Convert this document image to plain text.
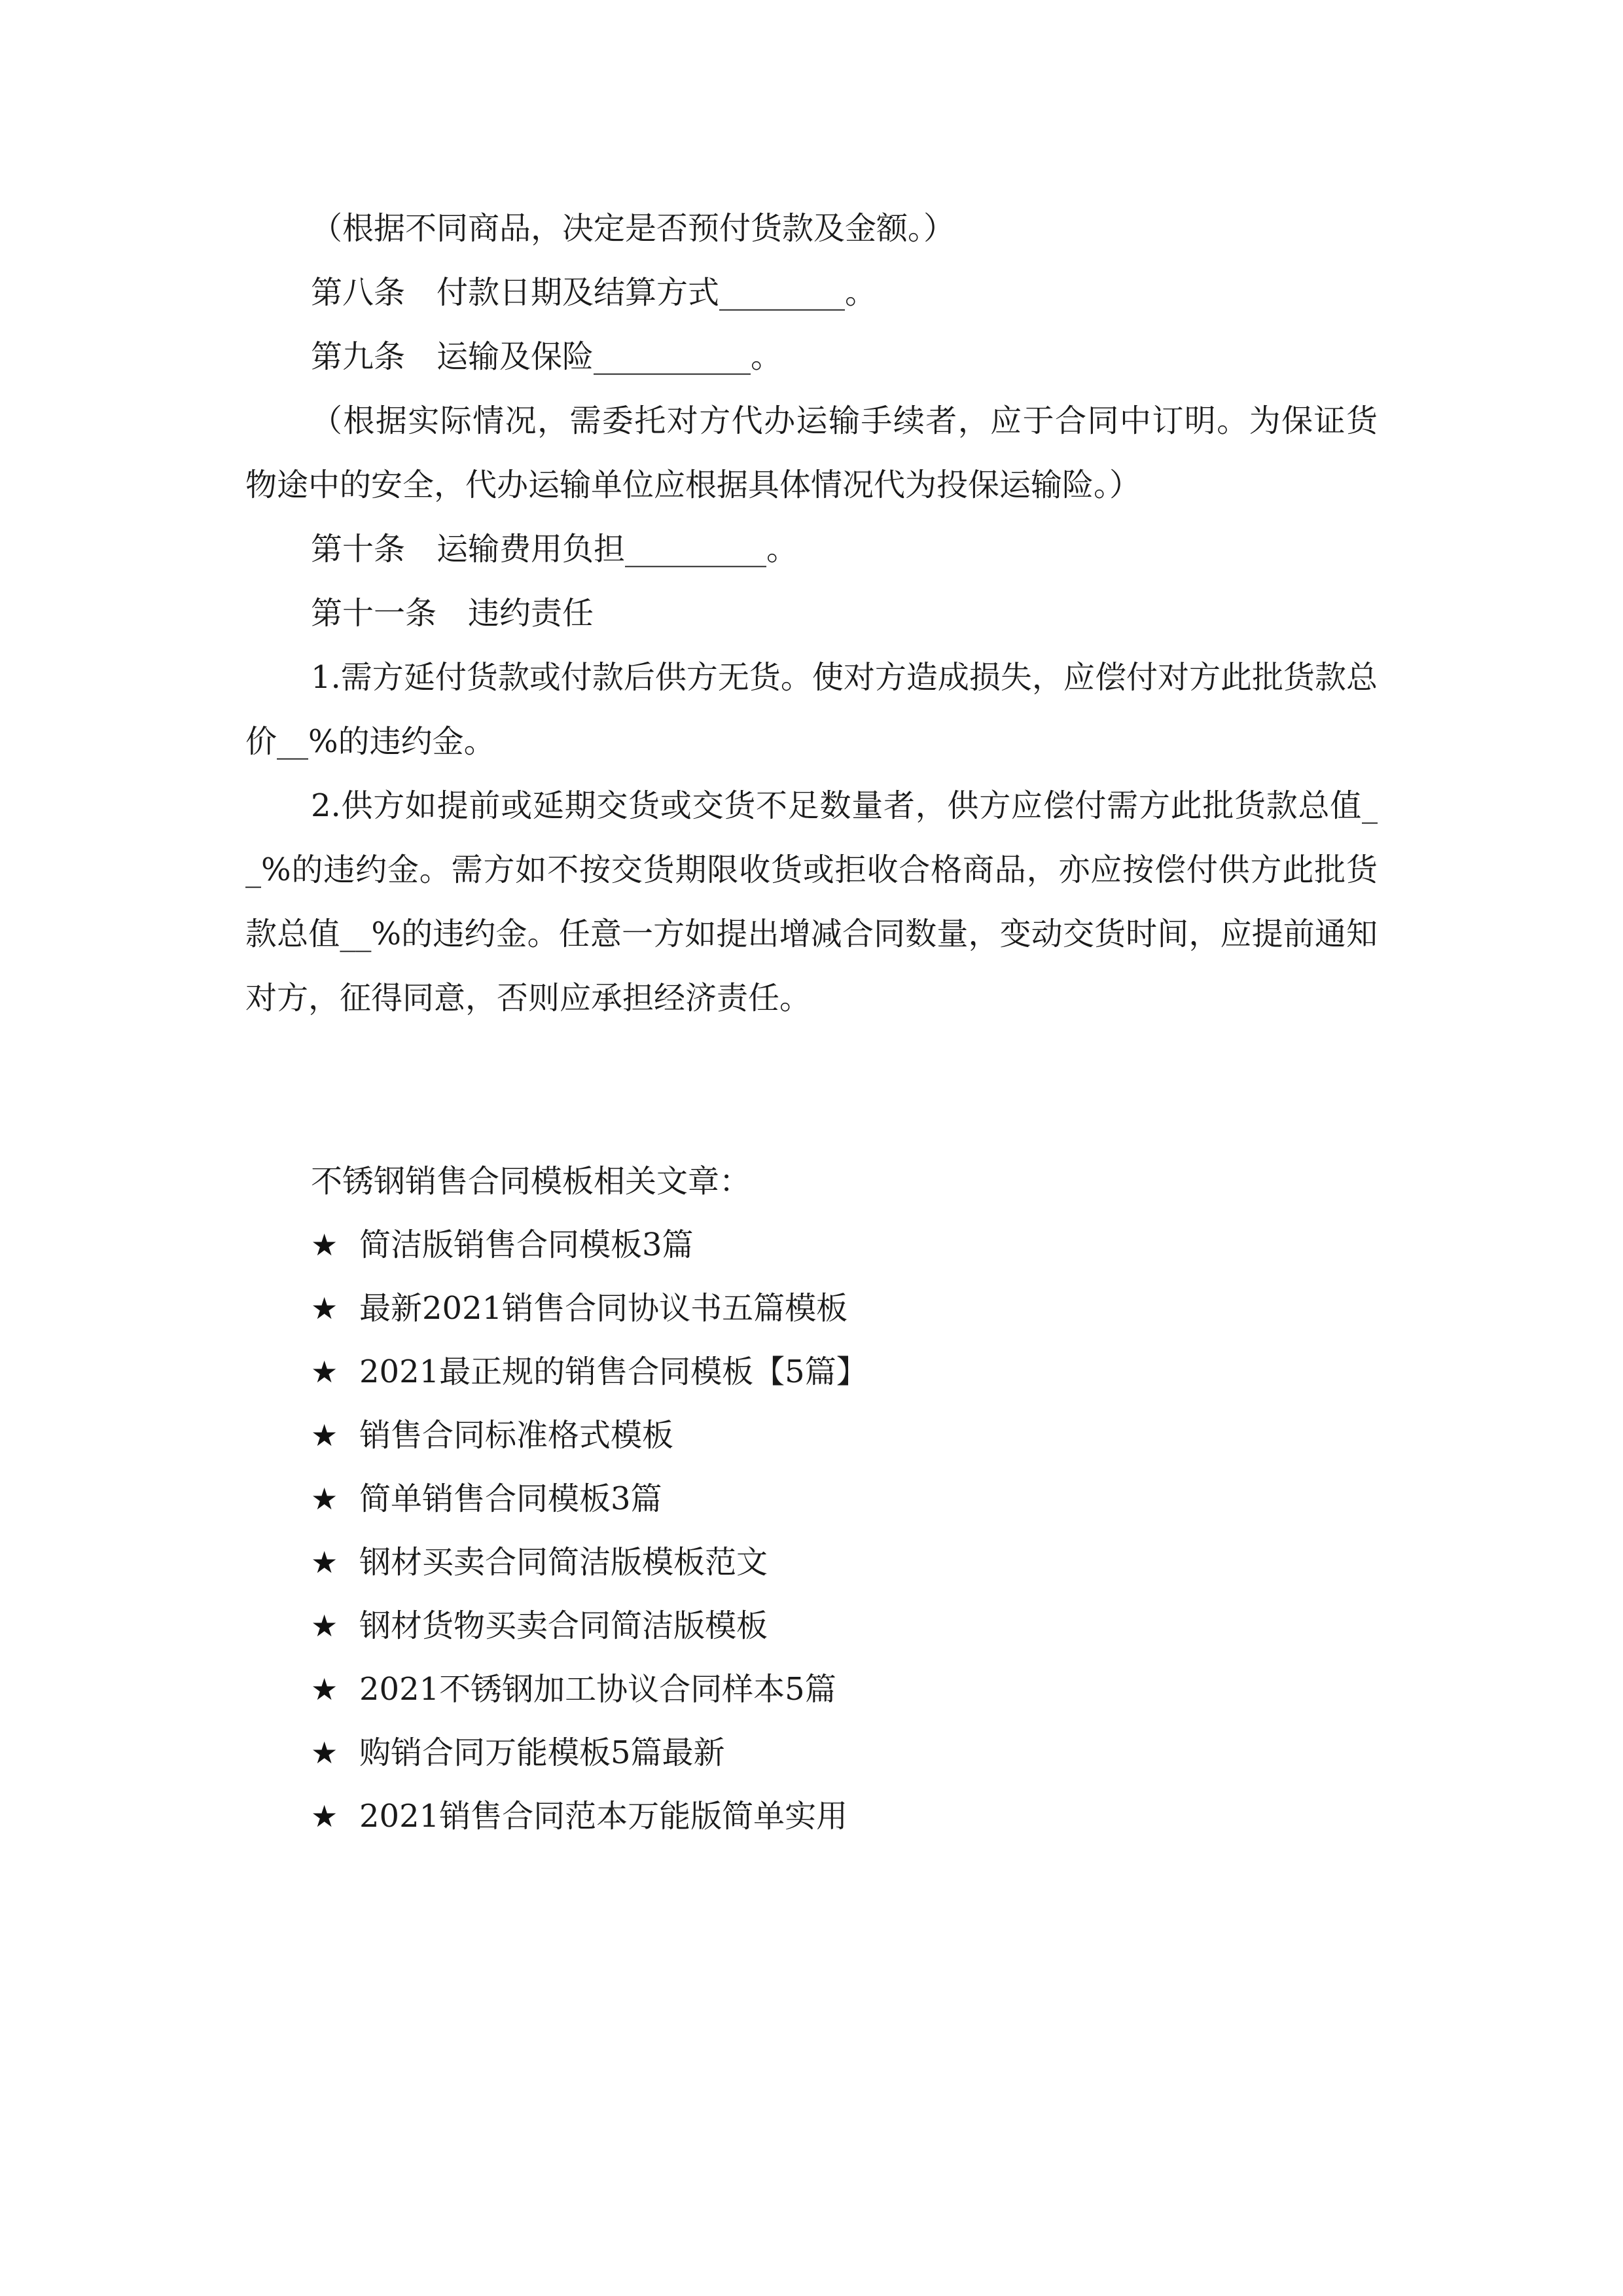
（根据不同商品，决定是否预付货款及金额。）

第八条　付款日期及结算方式________。

第九条　运输及保险__________。

（根据实际情况，需委托对方代办运输手续者，应于合同中订明。为保证货物途中的安全，代办运输单位应根据具体情况代为投保运输险。）

第十条　运输费用负担_________。

第十一条　违约责任

1.需方延付货款或付款后供方无货。使对方造成损失，应偿付对方此批货款总价__%的违约金。

2.供方如提前或延期交货或交货不足数量者，供方应偿付需方此批货款总值__%的违约金。需方如不按交货期限收货或拒收合格商品，亦应按偿付供方此批货　款总值__%的违约金。任意一方如提出增减合同数量，变动交货时间，应提前通知对方，征得同意，否则应承担经济责任。

不锈钢销售合同模板相关文章：

★ 简洁版销售合同模板3篇
★ 最新2021销售合同协议书五篇模板
★ 2021最正规的销售合同模板【5篇】
★ 销售合同标准格式模板
★ 简单销售合同模板3篇
★ 钢材买卖合同简洁版模板范文
★ 钢材货物买卖合同简洁版模板
★ 2021不锈钢加工协议合同样本5篇
★ 购销合同万能模板5篇最新
★ 2021销售合同范本万能版简单实用
